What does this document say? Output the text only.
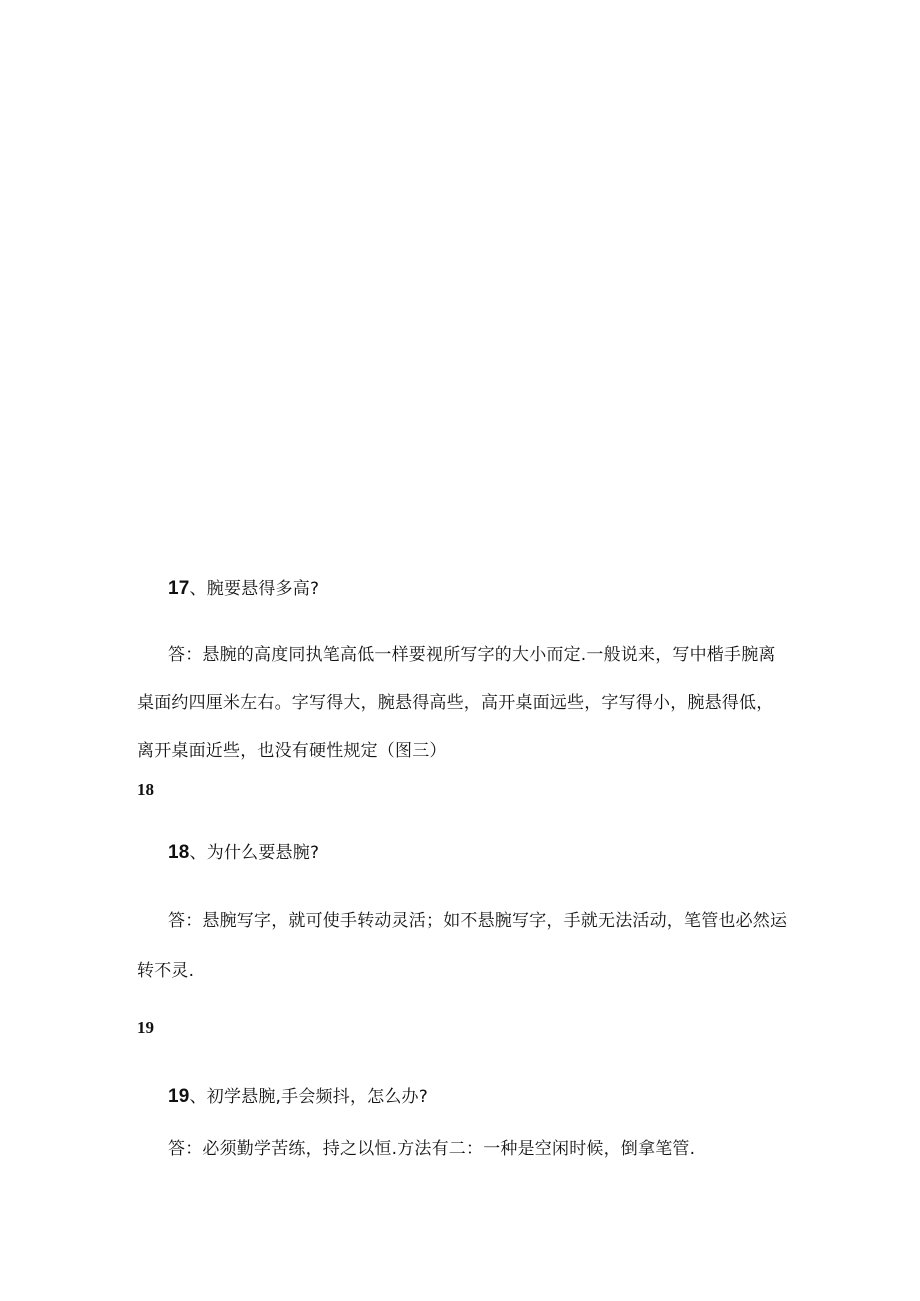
17、腕要悬得多高?
答：悬腕的高度同执笔高低一样要视所写字的大小而定.一般说来，写中楷手腕离
桌面约四厘米左右。字写得大，腕悬得高些，高开桌面远些，字写得小，腕悬得低，
离开桌面近些，也没有硬性规定（图三）
18
18、为什么要悬腕?
答：悬腕写字，就可使手转动灵活；如不悬腕写字，手就无法活动，笔管也必然运
转不灵.
19
19、初学悬腕,手会频抖，怎么办?
答：必须勤学苦练，持之以恒.方法有二：一种是空闲时候，倒拿笔管.
